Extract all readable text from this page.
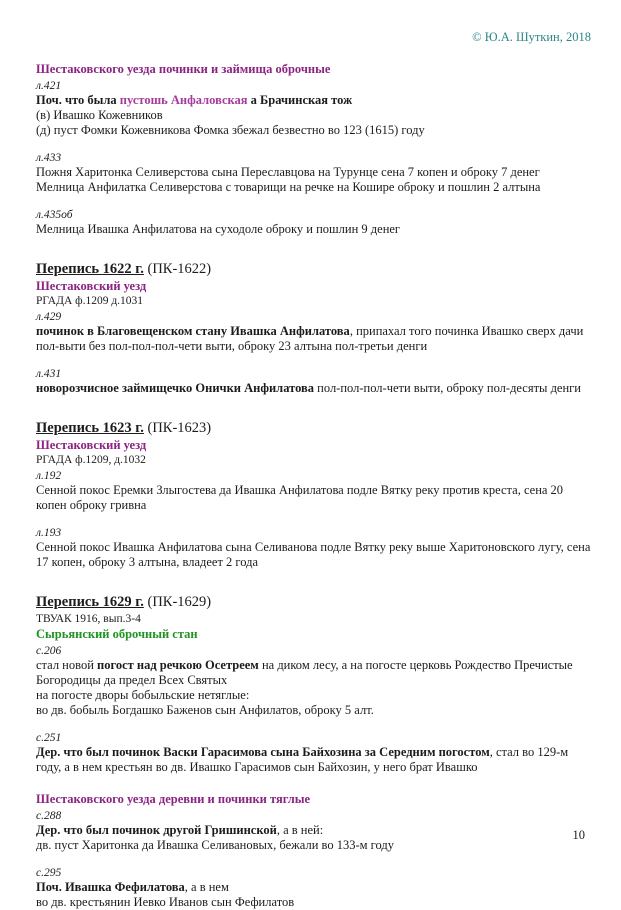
© Ю.А. Шуткин, 2018
Шестаковского уезда починки и займища оброчные
л.421
Поч. что была пустошь Анфаловская а Брачинская тож
(в) Ивашко Кожевников
(д) пуст Фомки Кожевникова Фомка збежал безвестно во 123 (1615) году
л.433
Пожня Харитонка Селиверстова сына Переславцова на Турунце сена 7 копен и оброку 7 денег
Мелница Анфилатка Селиверстова с товарищи на речке на Кошире оброку и пошлин 2 алтына
л.435об
Мелница Ивашка Анфилатова на суходоле оброку и пошлин 9 денег
Перепись 1622 г. (ПК-1622)
Шестаковский уезд
РГАДА ф.1209 д.1031
л.429
починок в Благовещенском стану Ивашка Анфилатова, припахал того починка Ивашко сверх дачи пол-выти без пол-пол-пол-чети выти, оброку 23 алтына пол-третьи денги
л.431
новорозчисное займищечко Онички Анфилатова пол-пол-пол-чети выти, оброку пол-десяты денги
Перепись 1623 г. (ПК-1623)
Шестаковский уезд
РГАДА ф.1209, д.1032
л.192
Сенной покос Еремки Злыгостева да Ивашка Анфилатова подле Вятку реку против креста, сена 20 копен оброку гривна
л.193
Сенной покос Ивашка Анфилатова сына Селиванова подле Вятку реку выше Харитоновского лугу, сена 17 копен, оброку 3 алтына, владеет 2 года
Перепись 1629 г. (ПК-1629)
ТВУАК 1916, вып.3-4
Сырьянский оброчный стан
с.206
стал новой погост над речкою Осетреем на диком лесу, а на погосте церковь Рождество Пречистые Богородицы да предел Всех Святых
на погосте дворы бобыльские нетяглые:
во дв. бобыль Богдашко Баженов сын Анфилатов, оброку 5 алт.
с.251
Дер. что был починок Васки Гарасимова сына Байхозина за Середним погостом, стал во 129-м году, а в нем крестьян во дв. Ивашко Гарасимов сын Байхозин, у него брат Ивашко
Шестаковского уезда деревни и починки тяглые
с.288
Дер. что был починок другой Гришинской, а в ней:
дв. пуст Харитонка да Ивашка Селивановых, бежали во 133-м году
с.295
Поч. Ивашка Фефилатова, а в нем
во дв. крестьянин Иевко Иванов сын Фефилатов
10
